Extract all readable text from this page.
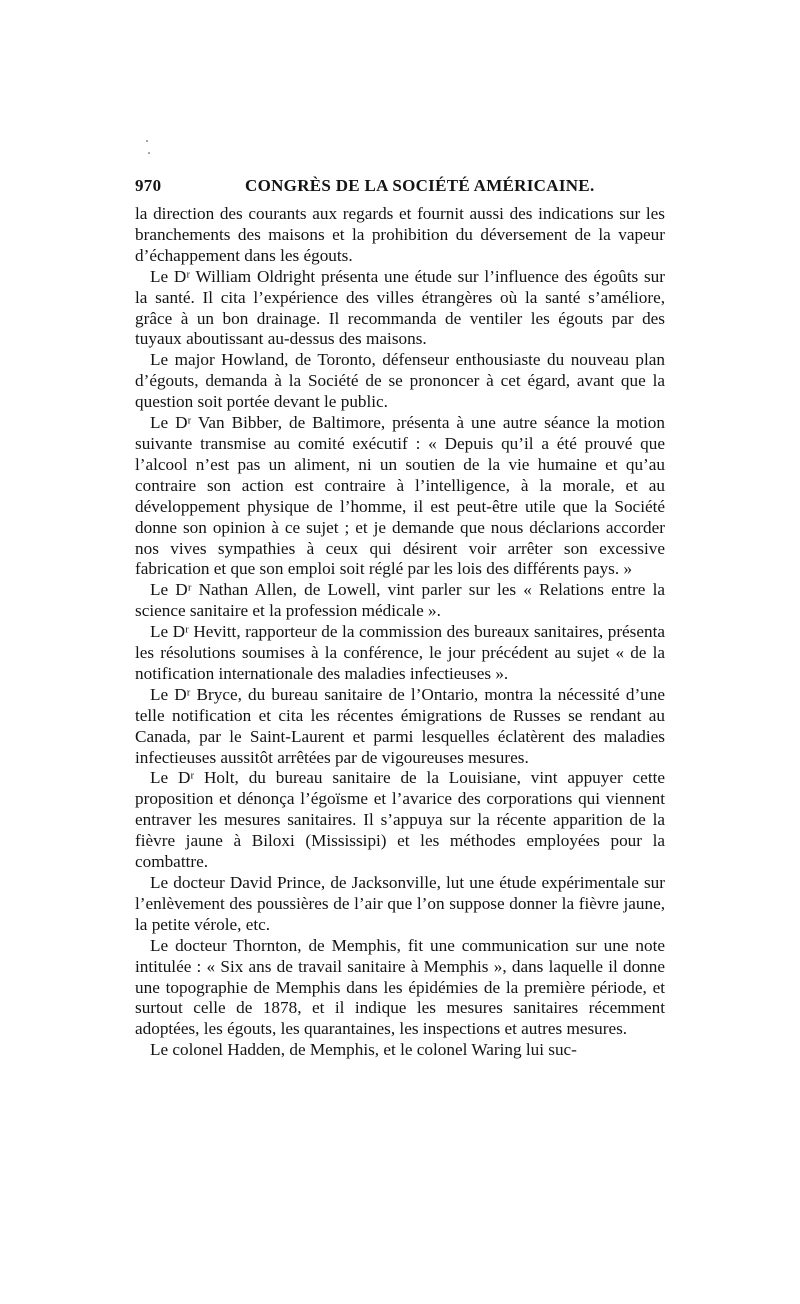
970	CONGRÈS DE LA SOCIÉTÉ AMÉRICAINE.

la direction des courants aux regards et fournit aussi des indications sur les branchements des maisons et la prohibition du déversement de la vapeur d’échappement dans les égouts.

Le Dʳ William Oldright présenta une étude sur l’influence des égoûts sur la santé. Il cita l’expérience des villes étrangères où la santé s’améliore, grâce à un bon drainage. Il recommanda de ventiler les égouts par des tuyaux aboutissant au-dessus des maisons.

Le major Howland, de Toronto, défenseur enthousiaste du nouveau plan d’égouts, demanda à la Société de se prononcer à cet égard, avant que la question soit portée devant le public.

Le Dʳ Van Bibber, de Baltimore, présenta à une autre séance la motion suivante transmise au comité exécutif : « Depuis qu’il a été prouvé que l’alcool n’est pas un aliment, ni un soutien de la vie humaine et qu’au contraire son action est contraire à l’intelligence, à la morale, et au développement physique de l’homme, il est peut-être utile que la Société donne son opinion à ce sujet ; et je demande que nous déclarions accorder nos vives sympathies à ceux qui désirent voir arrêter son excessive fabrication et que son emploi soit réglé par les lois des différents pays. »

Le Dʳ Nathan Allen, de Lowell, vint parler sur les « Relations entre la science sanitaire et la profession médicale ».

Le Dʳ Hevitt, rapporteur de la commission des bureaux sanitaires, présenta les résolutions soumises à la conférence, le jour précédent au sujet « de la notification internationale des maladies infectieuses ».

Le Dʳ Bryce, du bureau sanitaire de l’Ontario, montra la nécessité d’une telle notification et cita les récentes émigrations de Russes se rendant au Canada, par le Saint-Laurent et parmi lesquelles éclatèrent des maladies infectieuses aussitôt arrêtées par de vigoureuses mesures.

Le Dʳ Holt, du bureau sanitaire de la Louisiane, vint appuyer cette proposition et dénonça l’égoïsme et l’avarice des corporations qui viennent entraver les mesures sanitaires. Il s’appuya sur la récente apparition de la fièvre jaune à Biloxi (Mississipi) et les méthodes employées pour la combattre.

Le docteur David Prince, de Jacksonville, lut une étude expérimentale sur l’enlèvement des poussières de l’air que l’on suppose donner la fièvre jaune, la petite vérole, etc.

Le docteur Thornton, de Memphis, fit une communication sur une note intitulée : « Six ans de travail sanitaire à Memphis », dans laquelle il donne une topographie de Memphis dans les épidémies de la première période, et surtout celle de 1878, et il indique les mesures sanitaires récemment adoptées, les égouts, les quarantaines, les inspections et autres mesures.

Le colonel Hadden, de Memphis, et le colonel Waring lui suc-
